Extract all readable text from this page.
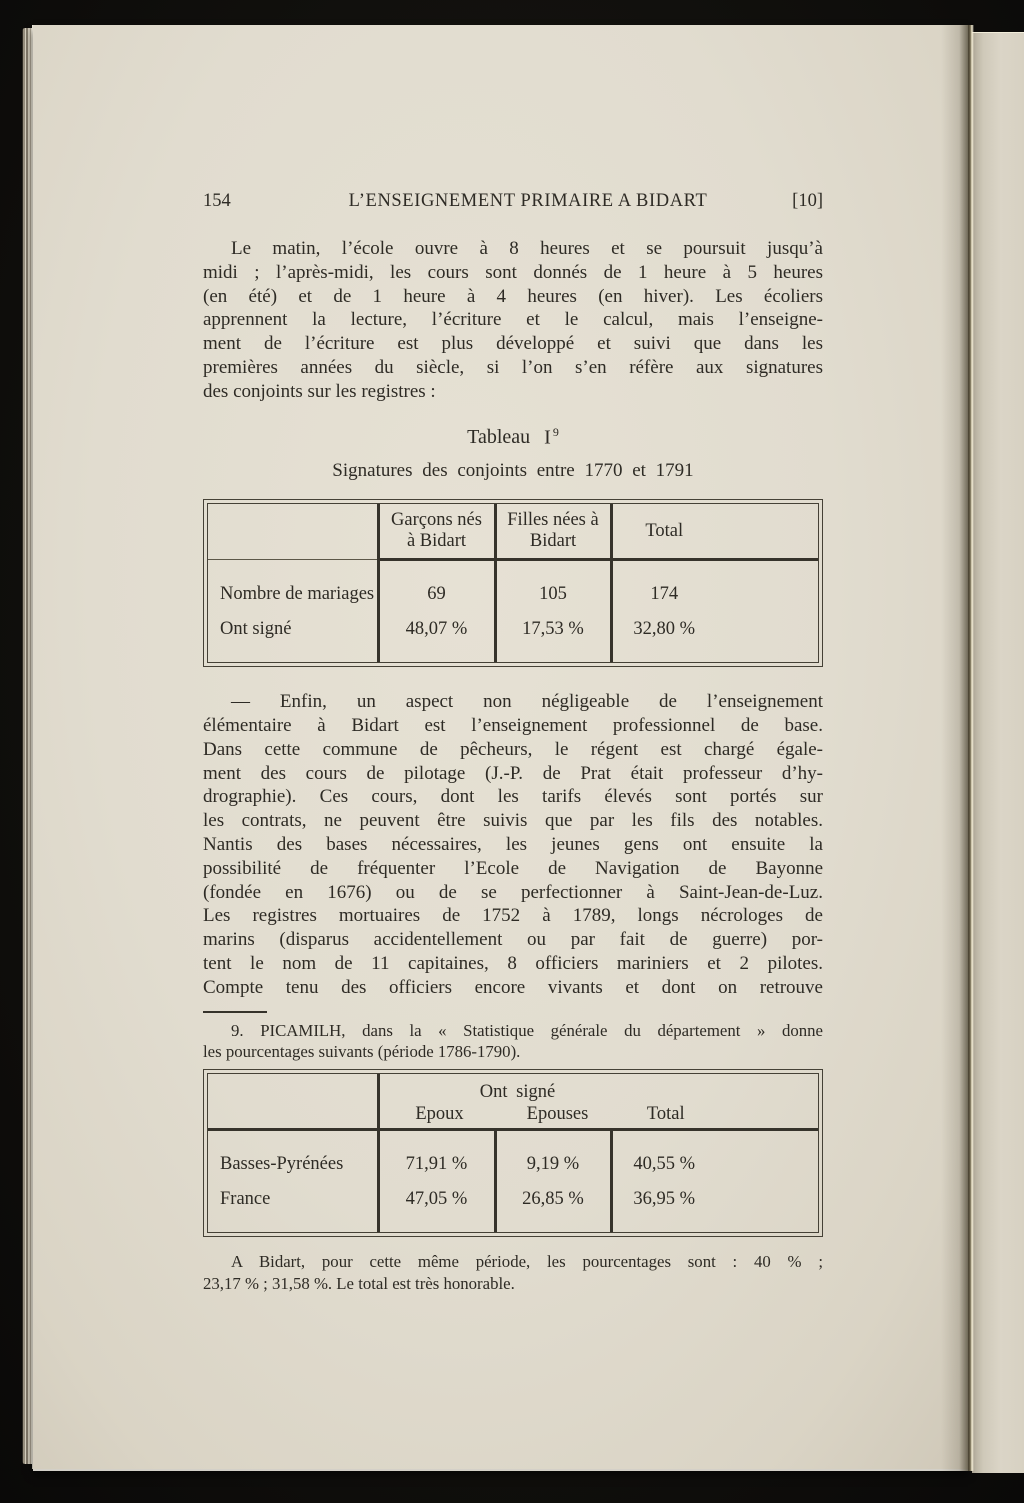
154	L’ENSEIGNEMENT PRIMAIRE A BIDART	[10]
Le matin, l’école ouvre à 8 heures et se poursuit jusqu’à
midi ; l’après-midi, les cours sont donnés de 1 heure à 5 heures
(en été) et de 1 heure à 4 heures (en hiver). Les écoliers
apprennent la lecture, l’écriture et le calcul, mais l’enseigne-
ment de l’écriture est plus développé et suivi que dans les
premières années du siècle, si l’on s’en réfère aux signatures
des conjoints sur les registres :
Tableau I $^9$
Signatures des conjoints entre 1770 et 1791
	Garçons nés à Bidart	Filles nées à Bidart	Total
Nombre de mariages	69	105	174
Ont signé	48,07 %	17,53 %	32,80 %
— Enfin, un aspect non négligeable de l’enseignement
élémentaire à Bidart est l’enseignement professionnel de base.
Dans cette commune de pêcheurs, le régent est chargé égale-
ment des cours de pilotage (J.-P. de Prat était professeur d’hy-
drographie). Ces cours, dont les tarifs élevés sont portés sur
les contrats, ne peuvent être suivis que par les fils des notables.
Nantis des bases nécessaires, les jeunes gens ont ensuite la
possibilité de fréquenter l’Ecole de Navigation de Bayonne
(fondée en 1676) ou de se perfectionner à Saint-Jean-de-Luz.
Les registres mortuaires de 1752 à 1789, longs nécrologes de
marins (disparus accidentellement ou par fait de guerre) por-
tent le nom de 11 capitaines, 8 officiers mariniers et 2 pilotes.
Compte tenu des officiers encore vivants et dont on retrouve
9. PICAMILH, dans la « Statistique générale du département » donne
les pourcentages suivants (période 1786-1790).

	Ont signé
Epoux Epouses Total		

Basses-Pyrénées	71,91 %	9,19 %	40,55 %
France	47,05 %	26,85 %	36,95 %
A Bidart, pour cette même période, les pourcentages sont : 40 % ;
23,17 % ; 31,58 %. Le total est très honorable.
